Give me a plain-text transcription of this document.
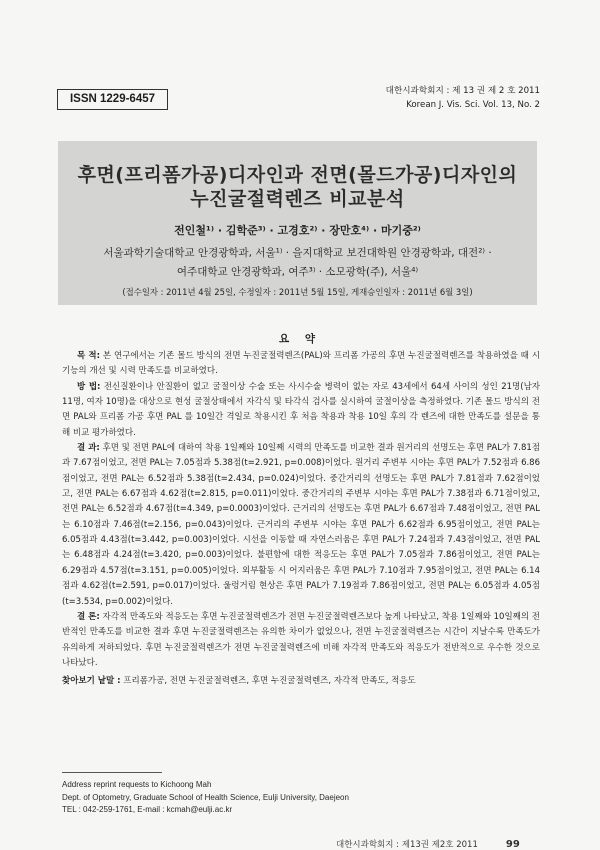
ISSN 1229-6457
대한시과학회지 : 제 13 권 제 2 호 2011
Korean J. Vis. Sci. Vol. 13, No. 2
후면(프리폼가공)디자인과 전면(몰드가공)디자인의
누진굴절력렌즈 비교분석
전인철¹⁾ · 김학준³⁾ · 고경호²⁾ · 장만호⁴⁾ · 마기중²⁾
서울과학기술대학교 안경광학과, 서울¹⁾ · 을지대학교 보건대학원 안경광학과, 대전²⁾ ·
여주대학교 안경광학과, 여주³⁾ · 소모광학(주), 서울⁴⁾
(접수일자 : 2011년 4월 25일, 수정일자 : 2011년 5월 15일, 게재승인일자 : 2011년 6월 3일)
요 약

목 적: 본 연구에서는 기존 몰드 방식의 전면 누진굴절력렌즈(PAL)와 프리폼 가공의 후면 누진굴절력렌즈를 착용하였을 때 시기능의 개선 및 시력 만족도를 비교하였다.

방 법: 전신질환이나 안질환이 없고 굴절이상 수술 또는 사시수술 병력이 없는 자로 43세에서 64세 사이의 성인 21명(남자 11명, 여자 10명)을 대상으로 현성 굴절상태에서 자각식 및 타각식 검사를 실시하여 굴절이상을 측정하였다. 기존 몰드 방식의 전면 PAL와 프리폼 가공 후면 PAL 를 10일간 격일로 착용시킨 후 처음 착용과 착용 10일 후의 각 렌즈에 대한 만족도를 설문을 통해 비교 평가하였다.

결 과: 후면 및 전면 PAL에 대하여 착용 1일째와 10일째 시력의 만족도를 비교한 결과 원거리의 선명도는 후면 PAL가 7.81점과 7.67점이었고, 전면 PAL는 7.05점과 5.38점(t=2.921, p=0.008)이었다. 원거리 주변부 시야는 후면 PAL가 7.52점과 6.86점이었고, 전면 PAL는 6.52점과 5.38점(t=2.434, p=0.024)이었다. 중간거리의 선명도는 후면 PAL가 7.81점과 7.62점이었고, 전면 PAL는 6.67점과 4.62점(t=2.815, p=0.011)이었다. 중간거리의 주변부 시야는 후면 PAL가 7.38점과 6.71점이었고, 전면 PAL는 6.52점과 4.67점(t=4.349, p=0.0003)이었다. 근거리의 선명도는 후면 PAL가 6.67점과 7.48점이었고, 전면 PAL는 6.10점과 7.46점(t=2.156, p=0.043)이었다. 근거리의 주변부 시야는 후면 PAL가 6.62점과 6.95점이었고, 전면 PAL는 6.05점과 4.43점(t=3.442, p=0.003)이었다. 시선을 이동할 때 자연스러움은 후면 PAL가 7.24점과 7.43점이었고, 전면 PAL는 6.48점과 4.24점(t=3.420, p=0.003)이었다. 불편함에 대한 적응도는 후면 PAL가 7.05점과 7.86점이었고, 전면 PAL는 6.29점과 4.57점(t=3.151, p=0.005)이었다. 외부활동 시 어지러움은 후면 PAL가 7.10점과 7.95점이었고, 전면 PAL는 6.14점과 4.62점(t=2.591, p=0.017)이었다. 울렁거림 현상은 후면 PAL가 7.19점과 7.86점이었고, 전면 PAL는 6.05점과 4.05점(t=3.534, p=0.002)이었다.

결 론: 자각적 만족도와 적응도는 후면 누진굴절력렌즈가 전면 누진굴절력렌즈보다 높게 나타났고, 착용 1일째와 10일째의 전반적인 만족도를 비교한 결과 후면 누진굴절력렌즈는 유의한 차이가 없었으나, 전면 누진굴절력렌즈는 시간이 지날수록 만족도가 유의하게 저하되었다. 후면 누진굴절력렌즈가 전면 누진굴절력렌즈에 비해 자각적 만족도와 적응도가 전반적으로 우수한 것으로 나타났다.

찾아보기 낱말 : 프리폼가공, 전면 누진굴절력렌즈, 후면 누진굴절력렌즈, 자각적 만족도, 적응도

Address reprint requests to Kichoong Mah
Dept. of Optometry, Graduate School of Health Science, Eulji University, Daejeon
TEL : 042-259-1761, E-mail : kcmah@eulji.ac.kr
대한시과학회지 : 제13권 제2호 2011	99
